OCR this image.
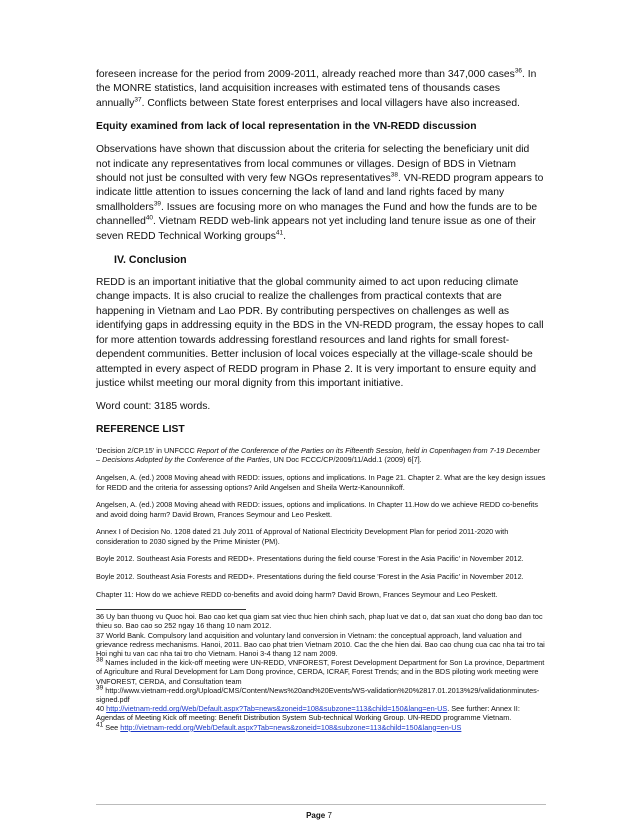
foreseen increase for the period from 2009-2011, already reached more than 347,000 cases$^{36}$. In the MONRE statistics, land acquisition increases with estimated tens of thousands cases annually$^{37}$. Conflicts between State forest enterprises and local villagers have also increased.

Equity examined from lack of local representation in the VN-REDD discussion

Observations have shown that discussion about the criteria for selecting the beneficiary unit did not indicate any representatives from local communes or villages. Design of BDS in Vietnam should not just be consulted with very few NGOs representatives$^{38}$. VN-REDD program appears to indicate little attention to issues concerning the lack of land and land rights faced by many smallholders$^{39}$. Issues are focusing more on who manages the Fund and how the funds are to be channelled$^{40}$. Vietnam REDD web-link appears not yet including land tenure issue as one of their seven REDD Technical Working groups$^{41}$.

IV. Conclusion

REDD is an important initiative that the global community aimed to act upon reducing climate change impacts. It is also crucial to realize the challenges from practical contexts that are happening in Vietnam and Lao PDR. By contributing perspectives on challenges as well as identifying gaps in addressing equity in the BDS in the VN-REDD program, the essay hopes to call for more attention towards addressing forestland resources and land rights for small forest-dependent communities. Better inclusion of local voices especially at the village-scale should be attempted in every aspect of REDD program in Phase 2. It is very important to ensure equity and justice whilst meeting our moral dignity from this important initiative.

Word count: 3185 words.

REFERENCE LIST

'Decision 2/CP.15' in UNFCCC Report of the Conference of the Parties on its Fifteenth Session, held in Copenhagen from 7-19 December – Decisions Adopted by the Conference of the Parties, UN Doc FCCC/CP/2009/11/Add.1 (2009) 6[7].

Angelsen, A. (ed.) 2008 Moving ahead with REDD: issues, options and implications. In Page 21. Chapter 2. What are the key design issues for REDD and the criteria for assessing options? Arild Angelsen and Sheila Wertz-Kanounnikoff.

Angelsen, A. (ed.) 2008 Moving ahead with REDD: issues, options and implications. In Chapter 11.How do we achieve REDD co-benefits and avoid doing harm? David Brown, Frances Seymour and Leo Peskett.

Annex I of Decision No. 1208 dated 21 July 2011 of Approval of National Electricity Development Plan for period 2011-2020 with consideration to 2030 signed by the Prime Minister (PM).

Boyle 2012. Southeast Asia Forests and REDD+. Presentations during the field course 'Forest in the Asia Pacific' in November 2012.

Boyle 2012. Southeast Asia Forests and REDD+. Presentations during the field course 'Forest in the Asia Pacific' in November 2012.

Chapter 11: How do we achieve REDD co-benefits and avoid doing harm? David Brown, Frances Seymour and Leo Peskett.

36 Uy ban thuong vu Quoc hoi. Bao cao ket qua giam sat viec thuc hien chinh sach, phap luat ve dat o, dat san xuat cho dong bao dan toc thieu so. Bao cao so 252 ngay 16 thang 10 nam 2012.

37 World Bank. Compulsory land acquisition and voluntary land conversion in Vietnam: the conceptual approach, land valuation and grievance redress mechanisms. Hanoi, 2011. Bao cao phat trien Vietnam 2010. Cac the che hien dai. Bao cao chung cua cac nha tai tro tai Hoi nghi tu van cac nha tai tro cho Vietnam. Hanoi 3-4 thang 12 nam 2009.

$^{38}$ Names included in the kick-off meeting were UN-REDD, VNFOREST, Forest Development Department for Son La province, Department of Agriculture and Rural Development for Lam Dong province, CERDA, ICRAF, Forest Trends; and in the BDS piloting work meeting were VNFOREST, CERDA, and Consultation team

$^{39}$ http://www.vietnam-redd.org/Upload/CMS/Content/News%20and%20Events/WS-validation%20%2817.01.2013%29/validationminutes-signed.pdf

40 http://vietnam-redd.org/Web/Default.aspx?Tab=news&zoneid=108&subzone=113&child=150&lang=en-US. See further: Annex II: Agendas of Meeting Kick off meeting: Benefit Distribution System Sub-technical Working Group. UN-REDD programme Vietnam.

$^{41}$ See http://vietnam-redd.org/Web/Default.aspx?Tab=news&zoneid=108&subzone=113&child=150&lang=en-US

Page 7
